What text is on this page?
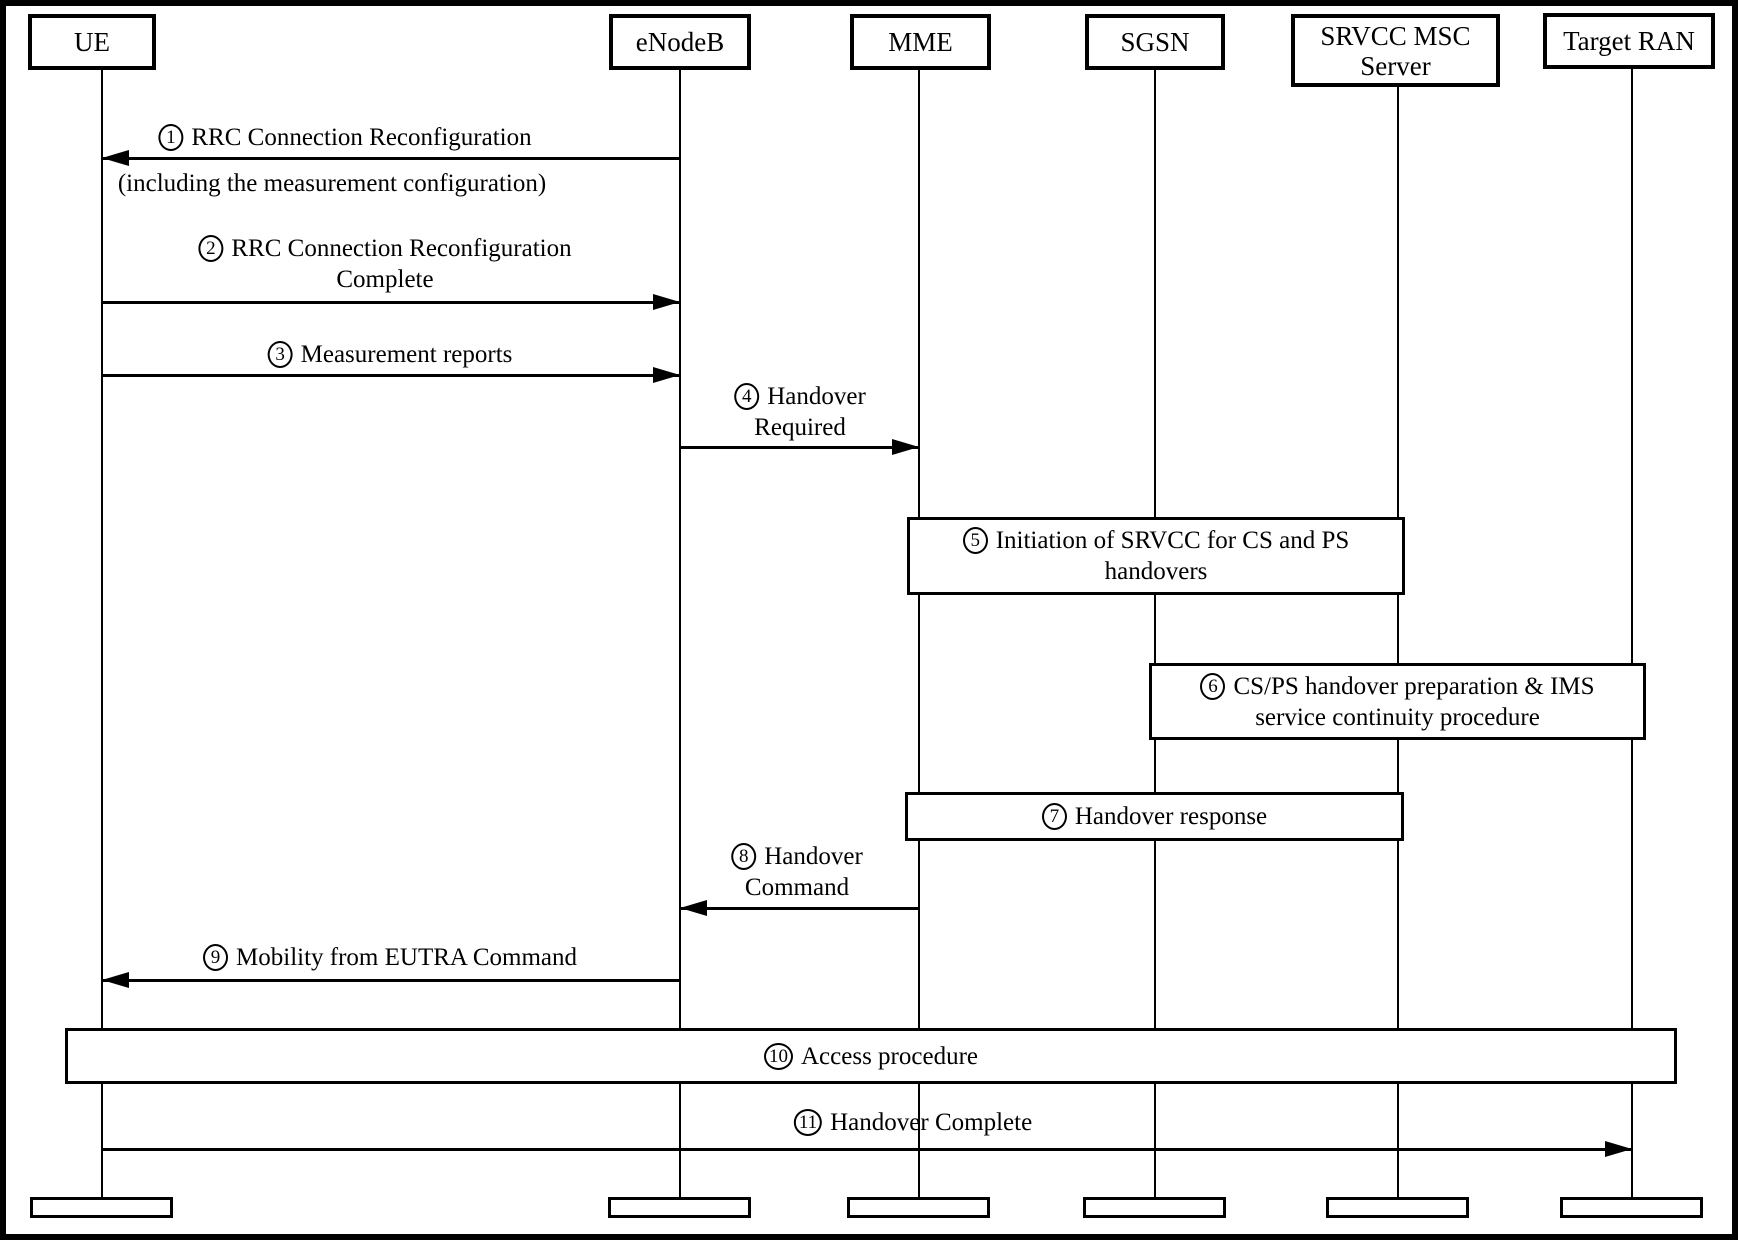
UE	eNodeB	MME	SGSN	SRVCC MSC
Server
Target RAN
1 RRC Connection Reconfiguration
(including the measurement configuration)
2 RRC Connection Reconfiguration
Complete
3 Measurement reports
4 Handover
Required
5 Initiation of SRVCC for CS and PS
handovers
6 CS/PS handover preparation & IMS
service continuity procedure
7 Handover response
8 Handover
Command
9 Mobility from EUTRA Command
10 Access procedure
11 Handover Complete
